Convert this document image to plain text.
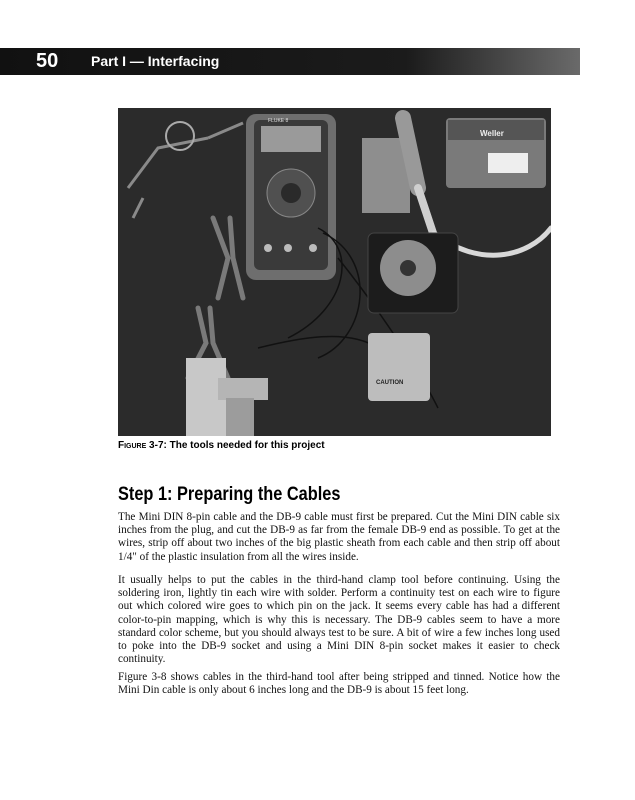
50 Part I — Interfacing
FLUKE 8
Weller
CAUTION
Figure 3-7: The tools needed for this project
Step 1: Preparing the Cables

The Mini DIN 8-pin cable and the DB-9 cable must first be prepared. Cut the Mini DIN cable six inches from the plug, and cut the DB-9 as far from the female DB-9 end as possible. To get at the wires, strip off about two inches of the big plastic sheath from each cable and then strip off about 1/4" of the plastic insulation from all the wires inside.

It usually helps to put the cables in the third-hand clamp tool before continuing. Using the soldering iron, lightly tin each wire with solder. Perform a continuity test on each wire to figure out which colored wire goes to which pin on the jack. It seems every cable has had a different color-to-pin mapping, which is why this is necessary. The DB-9 cables seem to have a more standard color scheme, but you should always test to be sure. A bit of wire a few inches long used to poke into the DB-9 socket and using a Mini DIN 8-pin socket makes it easier to check continuity.

Figure 3-8 shows cables in the third-hand tool after being stripped and tinned. Notice how the Mini Din cable is only about 6 inches long and the DB-9 is about 15 feet long.
